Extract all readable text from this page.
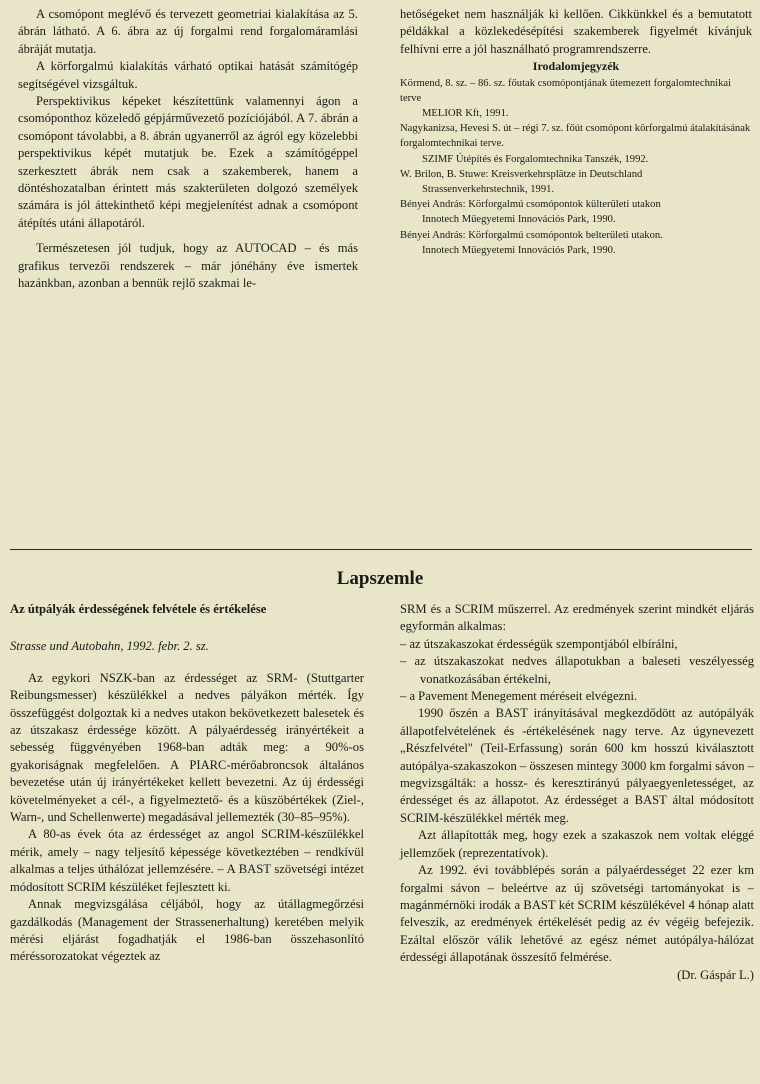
A csomópont meglévő és tervezett geometriai kialakítása az 5. ábrán látható. A 6. ábra az új forgalmi rend forgalomáramlási ábráját mutatja.

A körforgalmú kialakítás várható optikai hatását számítógép segítségével vizsgáltuk.

Perspektivikus képeket készítettünk valamennyi ágon a csomóponthoz közeledő gépjárművezető pozíciójából. A 7. ábrán a csomópont távolabbi, a 8. ábrán ugyanerről az ágról egy közelebbi perspektivikus képét mutatjuk be. Ezek a számítógéppel szerkesztett ábrák nem csak a szakemberek, hanem a döntéshozatalban érintett más szakterületen dolgozó személyek számára is jól áttekinthető képi megjelenítést adnak a csomópont átépítés utáni állapotáról.

Természetesen jól tudjuk, hogy az AUTOCAD – és más grafikus tervezői rendszerek – már jónéhány éve ismertek hazánkban, azonban a bennük rejlő szakmai le-

hetőségeket nem használják ki kellően. Cikkünkkel és a bemutatott példákkal a közlekedésépítési szakemberek figyelmét kívánjuk felhívni erre a jól használható programrendszerre.

Irodalomjegyzék

Körmend, 8. sz. – 86. sz. főutak csomópontjának ütemezett forgalomtechnikai terve
MELIOR Kft, 1991.
Nagykanizsa, Hevesi S. út – régi 7. sz. főút csomópont körforgalmú átalakításának forgalomtechnikai terve.
SZIMF Útépítés és Forgalomtechnika Tanszék, 1992.
W. Brilon, B. Stuwe: Kreisverkehrsplätze in Deutschland
Strassenverkehrstechnik, 1991.
Bényei András: Körforgalmú csomópontok külterületi utakon
Innotech Műegyetemi Innovációs Park, 1990.
Bényei András: Körforgalmú csomópontok belterületi utakon.
Innotech Műegyetemi Innovációs Park, 1990.
Lapszemle

Az útpályák érdességének felvétele és értékelése

Strasse und Autobahn, 1992. febr. 2. sz.

Az egykori NSZK-ban az érdességet az SRM- (Stuttgarter Reibungsmesser) készülékkel a nedves pályákon mérték. Így összefüggést dolgoztak ki a nedves utakon bekövetkezett balesetek és az útszakasz érdessége között. A pályaérdesség irányértékeit a sebesség függvényében 1968-ban adták meg: a 90%-os gyakoriságnak megfelelően. A PIARC-mérőabroncsok általános bevezetése után új irányértékeket kellett bevezetni. Az új érdességi követelményeket a cél-, a figyelmeztető- és a küszöbértékek (Ziel-, Warn-, und Schellenwerte) megadásával jellemezték (30–85–95%).

A 80-as évek óta az érdességet az angol SCRIM-készülékkel mérik, amely – nagy teljesítő képessége következtében – rendkívül alkalmas a teljes úthálózat jellemzésére. – A BAST szövetségi intézet módosított SCRIM készüléket fejlesztett ki.

Annak megvizsgálása céljából, hogy az útállagmegőrzési gazdálkodás (Management der Strassenerhaltung) keretében melyik mérési eljárást fogadhatják el 1986-ban összehasonlító méréssorozatokat végeztek az

SRM és a SCRIM műszerrel. Az eredmények szerint mindkét eljárás egyformán alkalmas:

– az útszakaszokat érdességük szempontjából elbírálni,
– az útszakaszokat nedves állapotukban a baleseti veszélyesség vonatkozásában értékelni,
– a Pavement Menegement méréseit elvégezni.

1990 őszén a BAST irányításával megkezdődött az autópályák állapotfelvételének és -értékelésének nagy terve. Az úgynevezett „Részfelvétel" (Teil-Erfassung) során 600 km hosszú kiválasztott autópálya-szakaszokon – összesen mintegy 3000 km forgalmi sávon – megvizsgálták: a hossz- és keresztirányú pályaegyenletességet, az érdességet és az állapotot. Az érdességet a BAST által módosított SCRIM-készülékkel mérték meg.

Azt állapították meg, hogy ezek a szakaszok nem voltak eléggé jellemzőek (reprezentatívok).

Az 1992. évi továbblépés során a pályaérdességet 22 ezer km forgalmi sávon – beleértve az új szövetségi tartományokat is – magánmérnöki irodák a BAST két SCRIM készülékével 4 hónap alatt felveszik, az eredmények értékelését pedig az év végéig befejezik. Ezáltal először válik lehetővé az egész német autópálya-hálózat érdességi állapotának összesítő felmérése.

(Dr. Gáspár L.)
